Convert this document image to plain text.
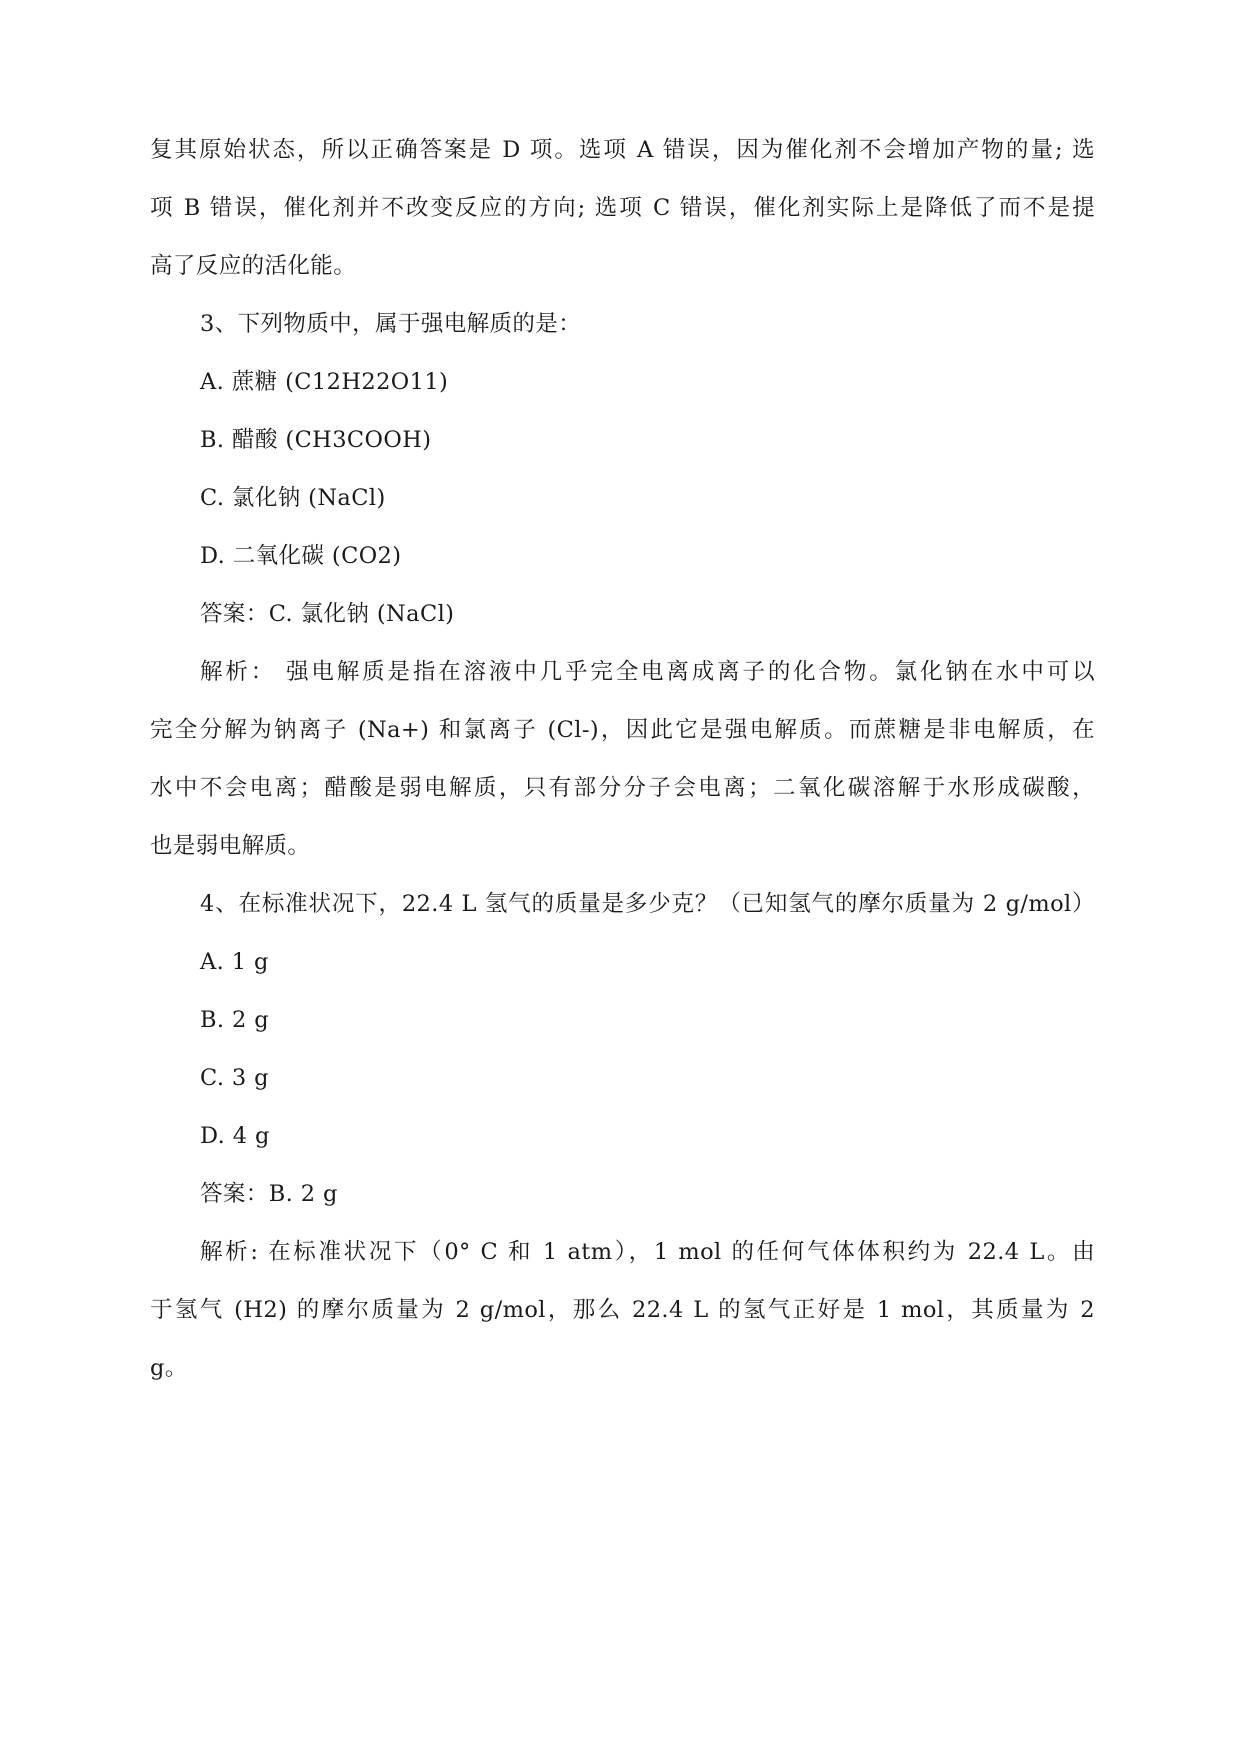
复其原始状态，所以正确答案是 D 项。选项 A 错误，因为催化剂不会增加产物的量; 选
项 B 错误，催化剂并不改变反应的方向; 选项 C 错误，催化剂实际上是降低了而不是提
高了反应的活化能。
3、下列物质中，属于强电解质的是：
A. 蔗糖 (C12H22O11)
B. 醋酸 (CH3COOH)
C. 氯化钠 (NaCl)
D. 二氧化碳 (CO2)
答案：C. 氯化钠 (NaCl)
解析： 强电解质是指在溶液中几乎完全电离成离子的化合物。氯化钠在水中可以
完全分解为钠离子 (Na+) 和氯离子 (Cl-)，因此它是强电解质。而蔗糖是非电解质，在
水中不会电离；醋酸是弱电解质，只有部分分子会电离；二氧化碳溶解于水形成碳酸，
也是弱电解质。
4、在标准状况下，22.4 L 氢气的质量是多少克？（已知氢气的摩尔质量为 2 g/mol）
A. 1 g
B. 2 g
C. 3 g
D. 4 g
答案：B. 2 g
解析: 在标准状况下（0° C 和 1 atm），1 mol 的任何气体体积约为 22.4 L。由
于氢气 (H2) 的摩尔质量为 2 g/mol，那么 22.4 L 的氢气正好是 1 mol，其质量为 2
g。
